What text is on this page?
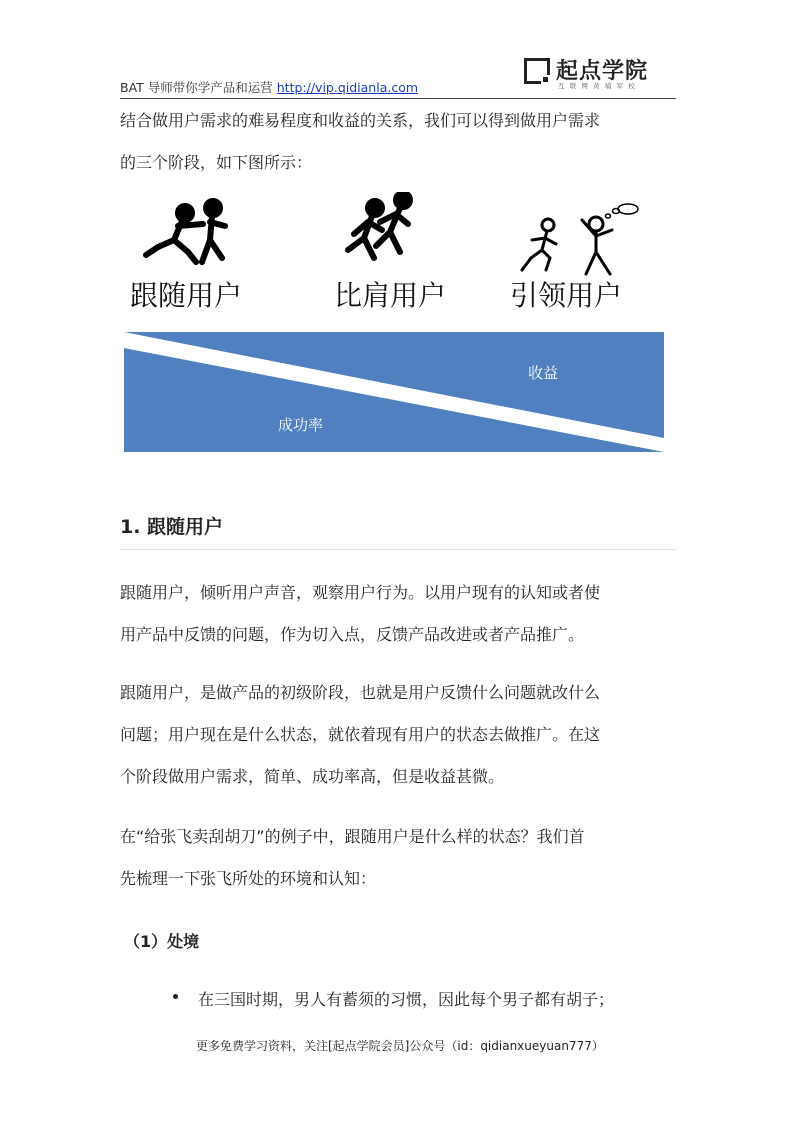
BAT 导师带你学产品和运营 http://vip.qidianla.com
起点学院
互联网黄埔军校
结合做用户需求的难易程度和收益的关系，我们可以得到做用户需求
的三个阶段，如下图所示：
收益
成功率
跟随用户	比肩用户 引领用户
1. 跟随用户
跟随用户，倾听用户声音，观察用户行为。以用户现有的认知或者使
用产品中反馈的问题，作为切入点，反馈产品改进或者产品推广。
跟随用户，是做产品的初级阶段，也就是用户反馈什么问题就改什么
问题；用户现在是什么状态，就依着现有用户的状态去做推广。在这
个阶段做用户需求，简单、成功率高，但是收益甚微。
在“给张飞卖刮胡刀”的例子中，跟随用户是什么样的状态？我们首
先梳理一下张飞所处的环境和认知：
（1）处境
在三国时期，男人有蓄须的习惯，因此每个男子都有胡子；
更多免费学习资料，关注[起点学院会员]公众号（id：qidianxueyuan777）
